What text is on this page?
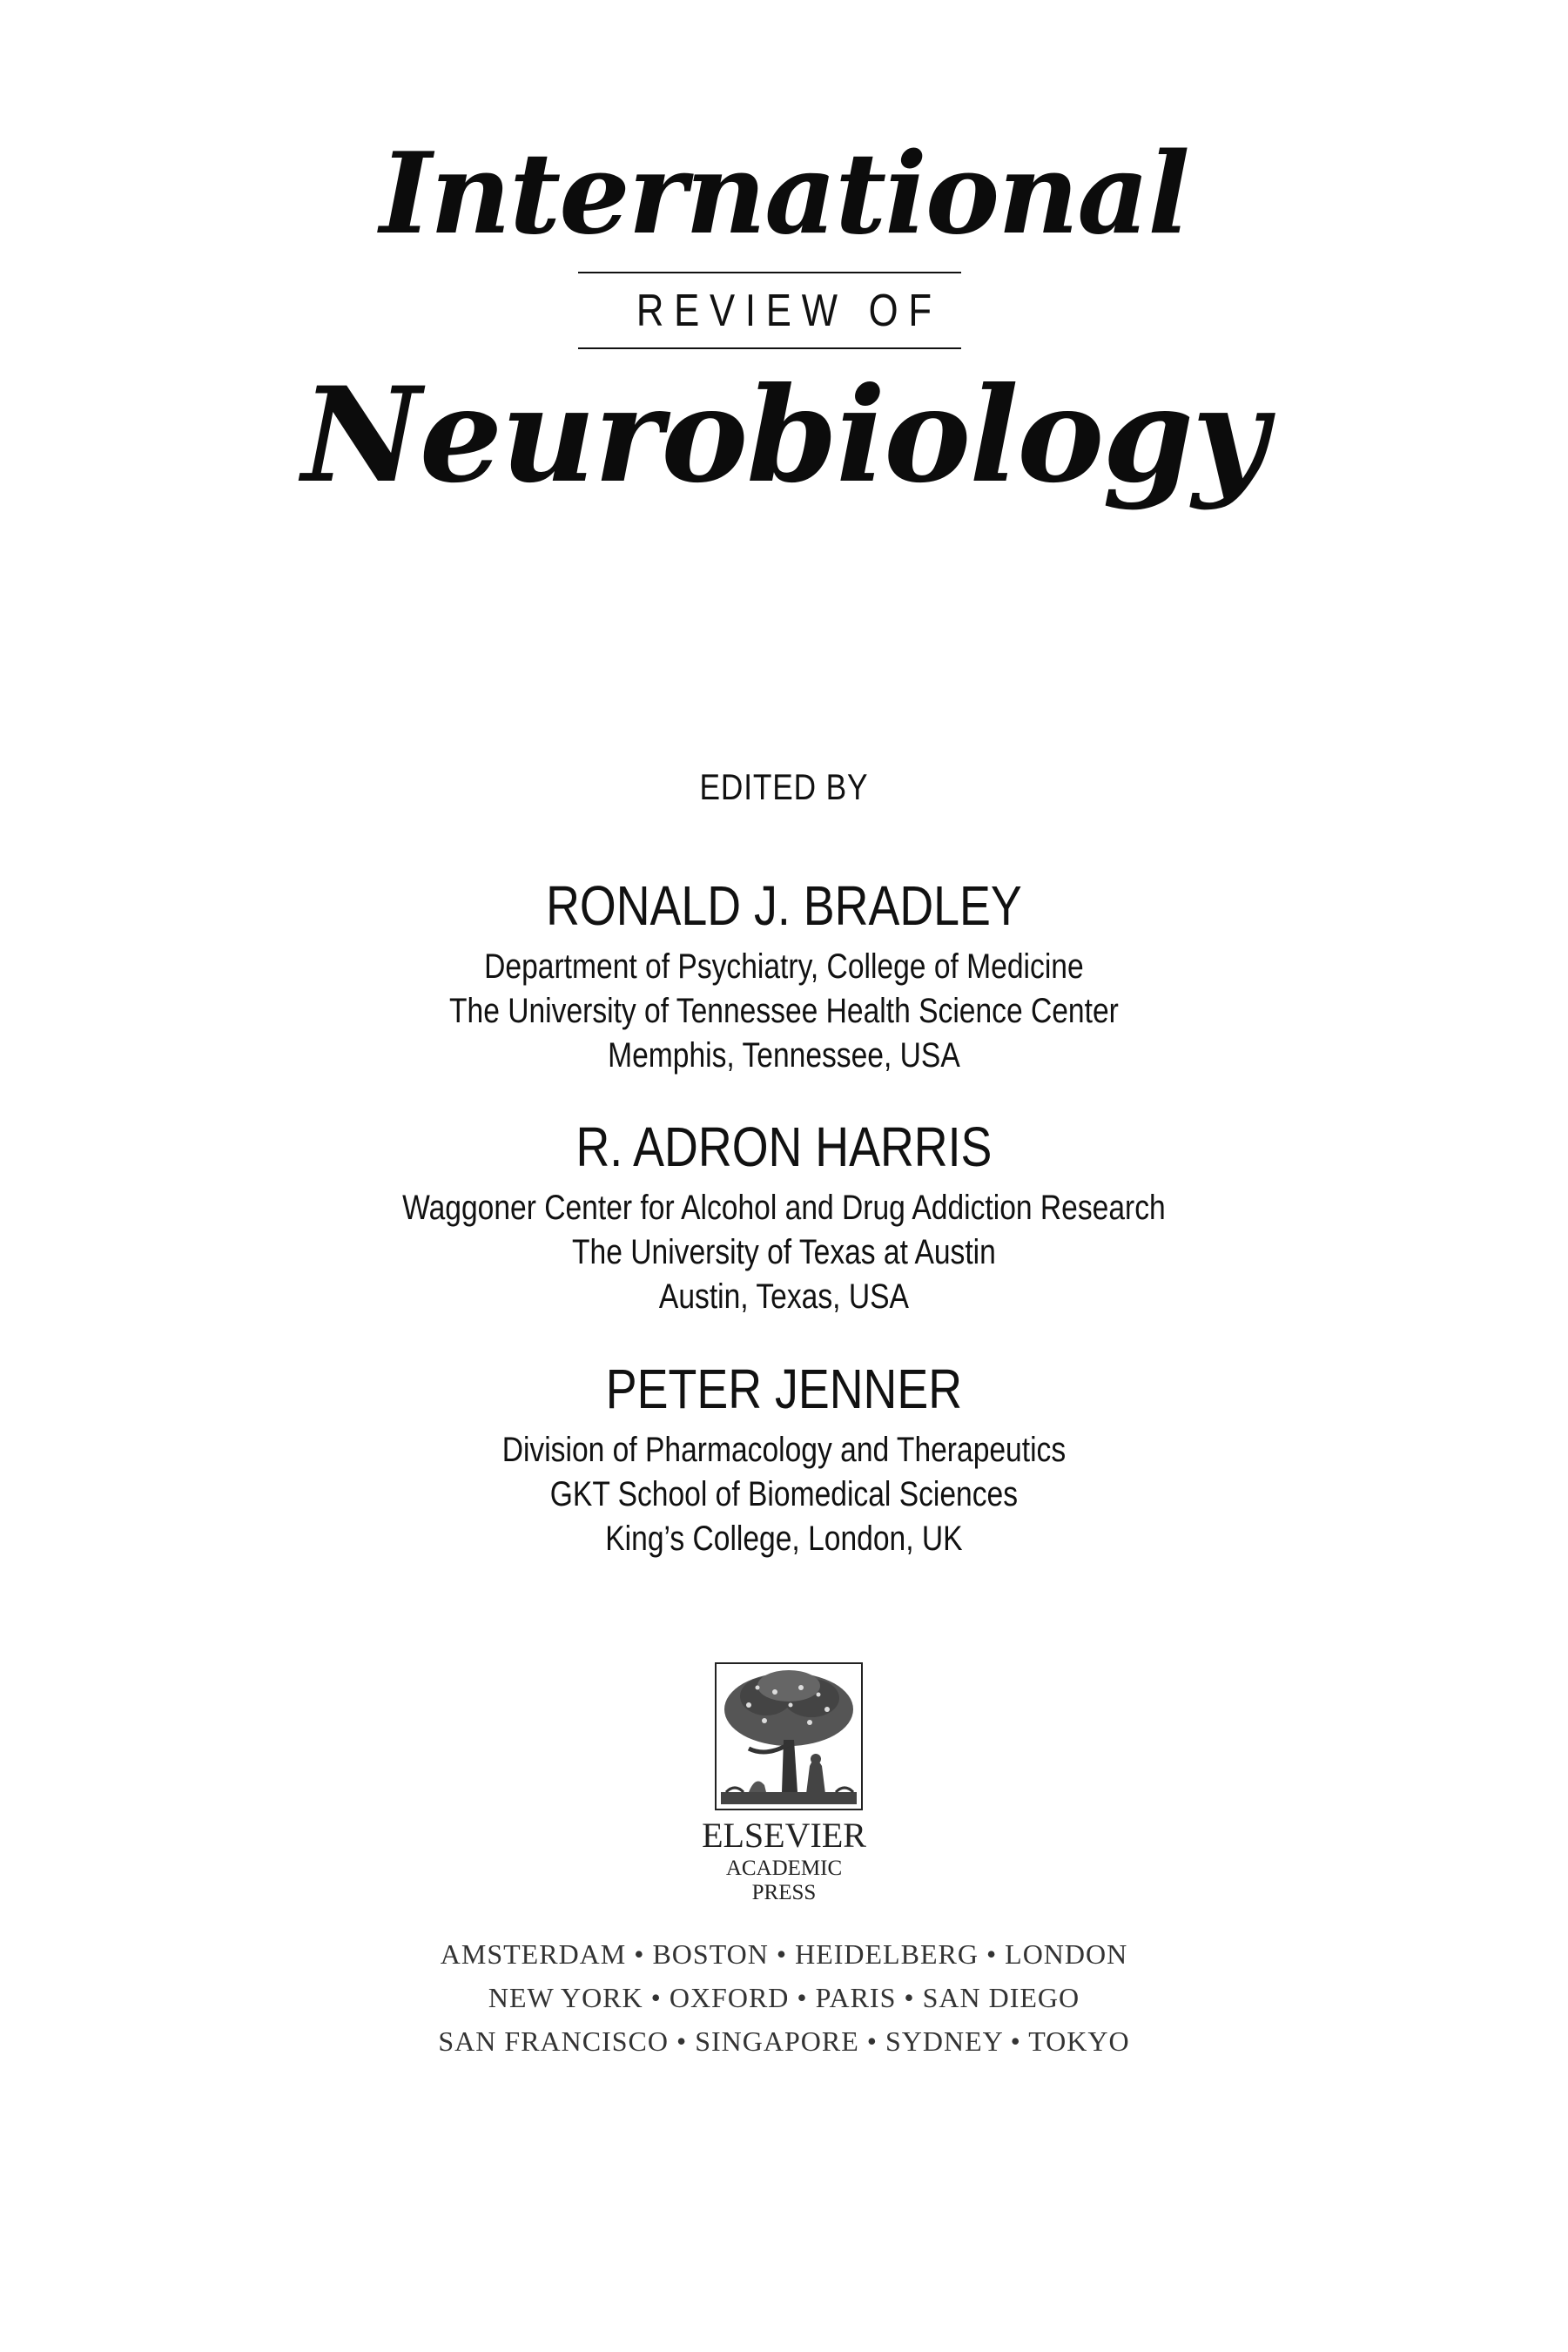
International
REVIEW OF
Neurobiology
EDITED BY
RONALD J. BRADLEY
Department of Psychiatry, College of Medicine
The University of Tennessee Health Science Center
Memphis, Tennessee, USA
R. ADRON HARRIS
Waggoner Center for Alcohol and Drug Addiction Research
The University of Texas at Austin
Austin, Texas, USA
PETER JENNER
Division of Pharmacology and Therapeutics
GKT School of Biomedical Sciences
King’s College, London, UK
ELSEVIER
ACADEMIC
PRESS
AMSTERDAM • BOSTON • HEIDELBERG • LONDON
NEW YORK • OXFORD • PARIS • SAN DIEGO
SAN FRANCISCO • SINGAPORE • SYDNEY • TOKYO
